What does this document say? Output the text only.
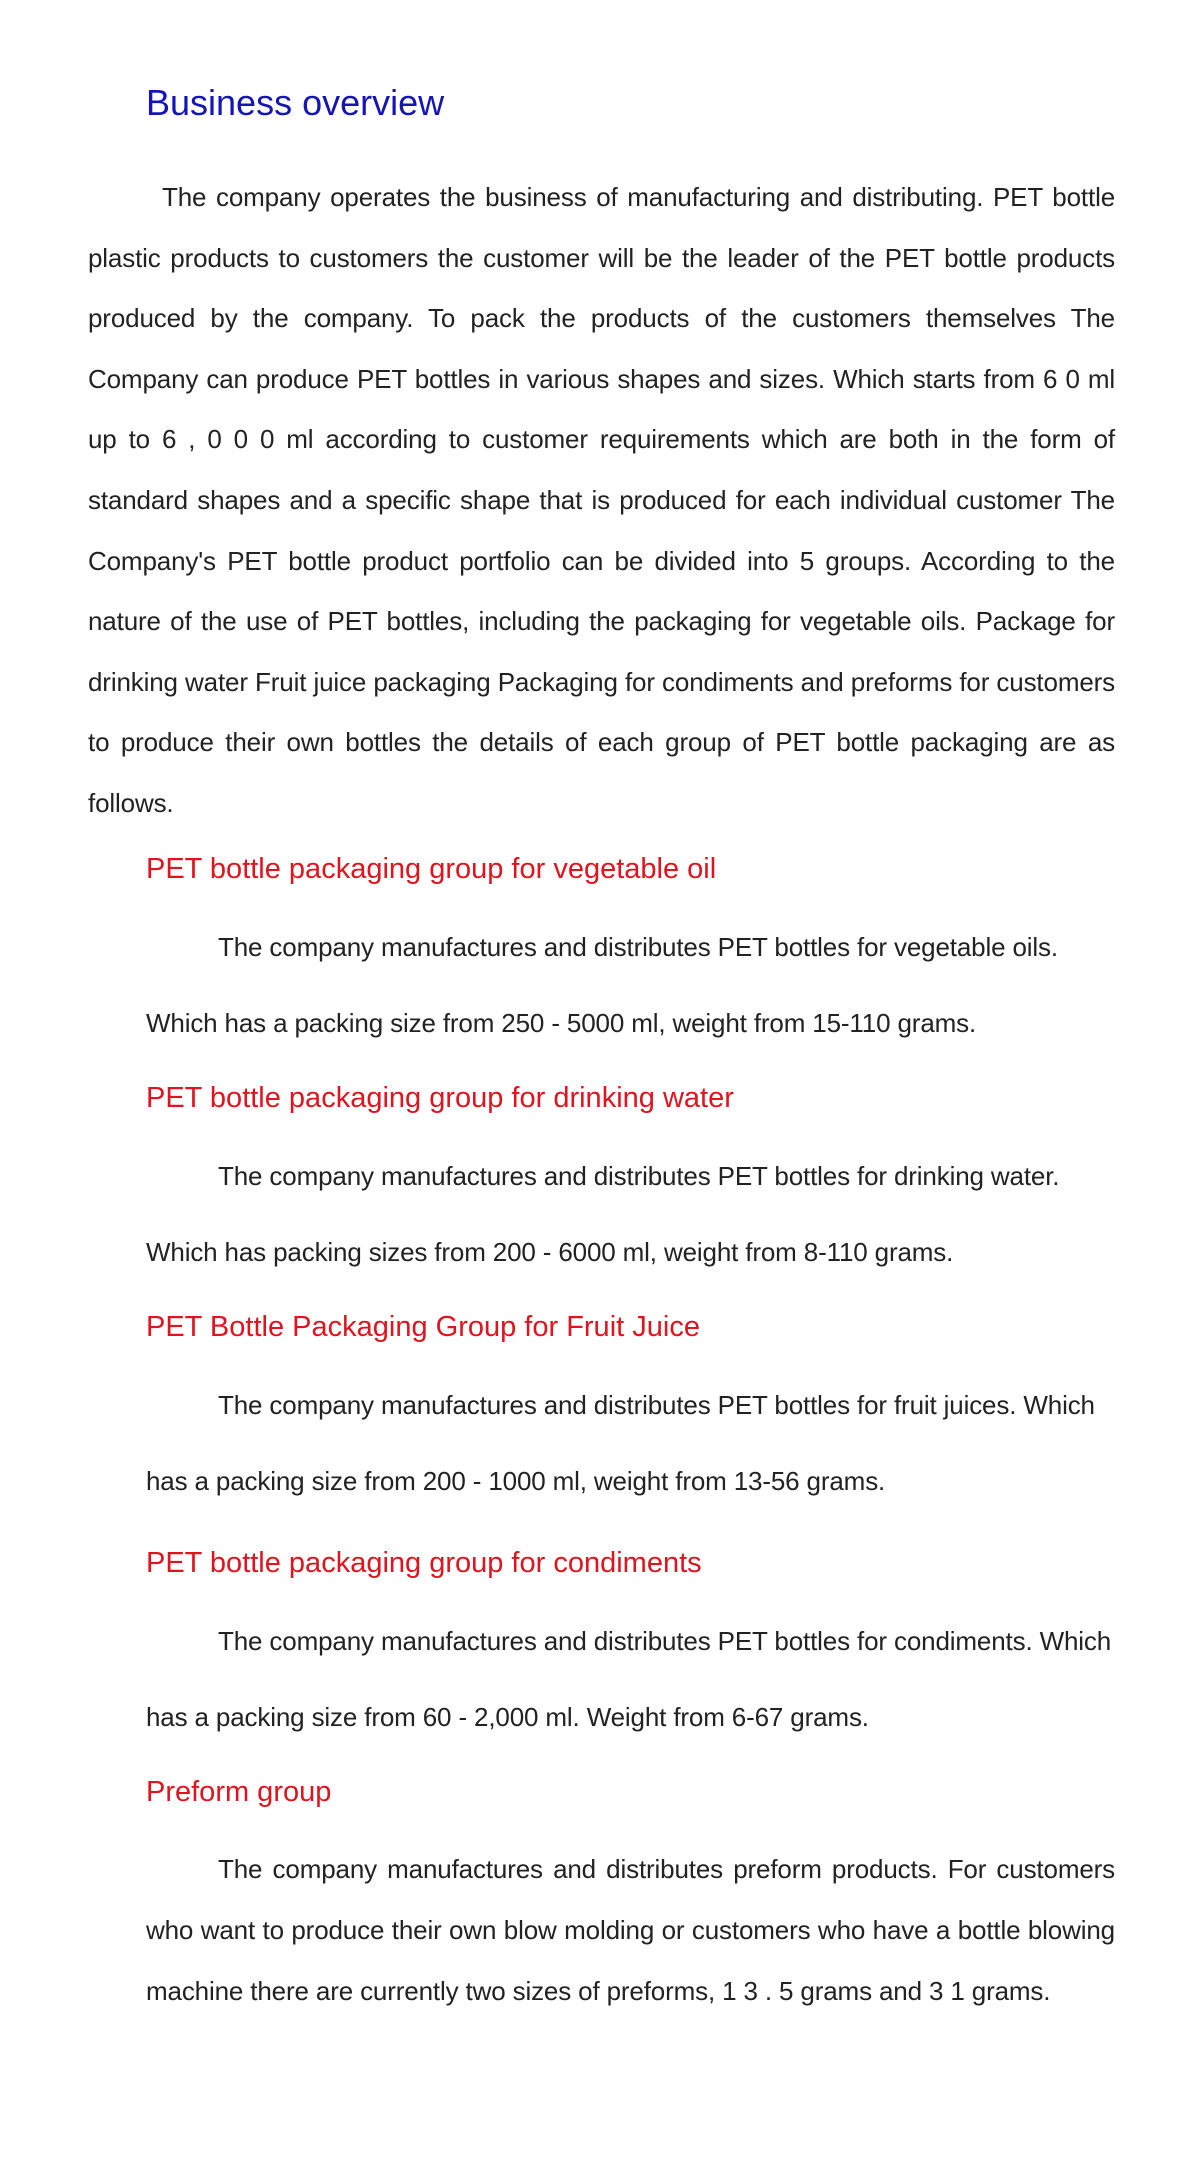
Business overview

The company operates the business of manufacturing and distributing. PET bottle plastic products to customers the customer will be the leader of the PET bottle products produced by the company. To pack the products of the customers themselves The Company can produce PET bottles in various shapes and sizes. Which starts from 6 0 ml up to 6 , 0 0 0 ml according to customer requirements which are both in the form of standard shapes and a specific shape that is produced for each individual customer The Company's PET bottle product portfolio can be divided into 5 groups. According to the nature of the use of PET bottles, including the packaging for vegetable oils. Package for drinking water Fruit juice packaging Packaging for condiments and preforms for customers to produce their own bottles the details of each group of PET bottle packaging are as follows.

PET bottle packaging group for vegetable oil

The company manufactures and distributes PET bottles for vegetable oils. Which has a packing size from 250 - 5000 ml, weight from 15-110 grams.

PET bottle packaging group for drinking water

The company manufactures and distributes PET bottles for drinking water. Which has packing sizes from 200 - 6000 ml, weight from 8-110 grams.

PET Bottle Packaging Group for Fruit Juice

The company manufactures and distributes PET bottles for fruit juices. Which has a packing size from 200 - 1000 ml, weight from 13-56 grams.

PET bottle packaging group for condiments

The company manufactures and distributes PET bottles for condiments. Which has a packing size from 60 - 2,000 ml. Weight from 6-67 grams.

Preform group

The company manufactures and distributes preform products. For customers who want to produce their own blow molding or customers who have a bottle blowing machine there are currently two sizes of preforms, 1 3 . 5 grams and 3 1 grams.
